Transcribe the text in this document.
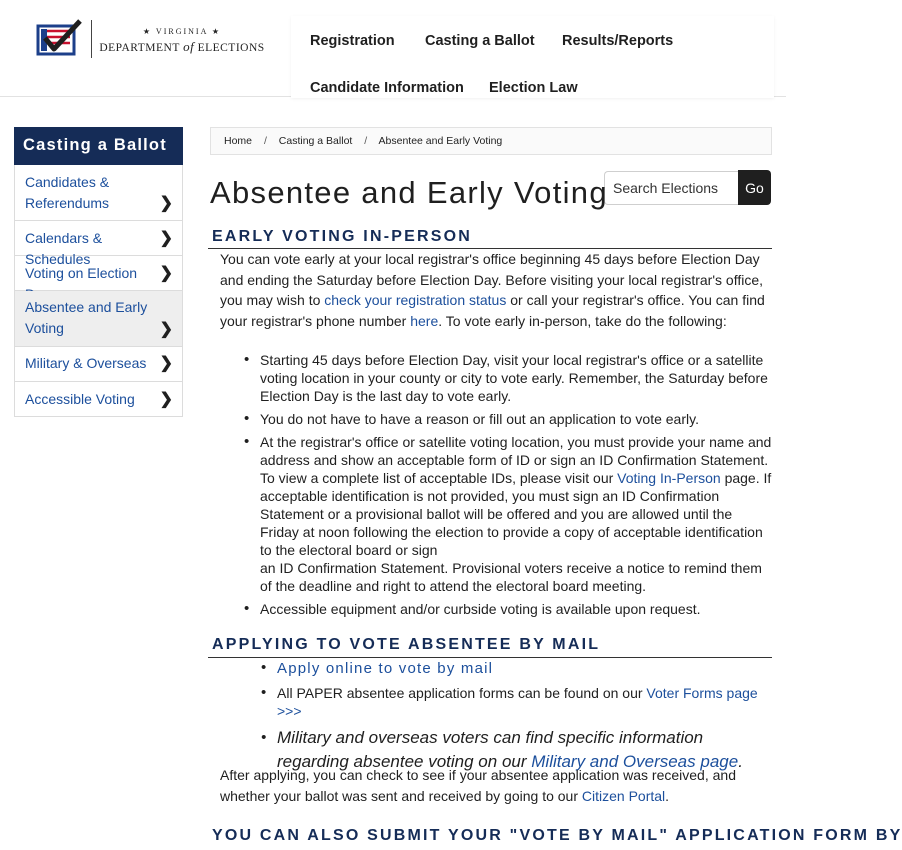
★ VIRGINIA ★
DEPARTMENT of ELECTIONS	Registration Casting a Ballot Results/Reports
Candidate Information Election Law
Casting a Ballot
Candidates & Referendums	❯
Calendars & Schedules
❯
Voting on Election ❯
Absentee and Early Voting	❯
Military & Overseas ❯
Accessible Voting ❯
Home / Casting a Ballot / Absentee and Early Voting
Search Elections
Go
Absentee and Early Voting
EARLY VOTING IN-PERSON

You can vote early at your local registrar's office beginning 45 days before Election Day and ending the Saturday before Election Day. Before visiting your local registrar's office, you may wish to check your registration status or call your registrar's office. You can find your registrar's phone number here. To vote early in-person, take do the following:

• Starting 45 days before Election Day, visit your local registrar's office or a satellite voting location in your county or city to vote early. Remember, the Saturday before Election Day is the last day to vote early.
• You do not have to have a reason or fill out an application to vote early.
• At the registrar's office or satellite voting location, you must provide your name and address and show an acceptable form of ID or sign an ID Confirmation Statement. To view a complete list of acceptable IDs, please visit our Voting In-Person page. If acceptable identification is not provided, you must sign an ID Confirmation Statement or a provisional ballot will be offered and you are allowed until the Friday at noon following the election to provide a copy of acceptable identification to the electoral board or sign
an ID Confirmation Statement. Provisional voters receive a notice to remind them of the deadline and right to attend the electoral board meeting.
• Accessible equipment and/or curbside voting is available upon request.
APPLYING TO VOTE ABSENTEE BY MAIL
• Apply online to vote by mail
• All PAPER absentee application forms can be found on our Voter Forms page >>>
• Military and overseas voters can find specific information regarding absentee voting on our Military and Overseas page.

After applying, you can check to see if your absentee application was received, and whether your ballot was sent and received by going to our Citizen Portal.

YOU CAN ALSO SUBMIT YOUR "VOTE BY MAIL" APPLICATION FORM BY
